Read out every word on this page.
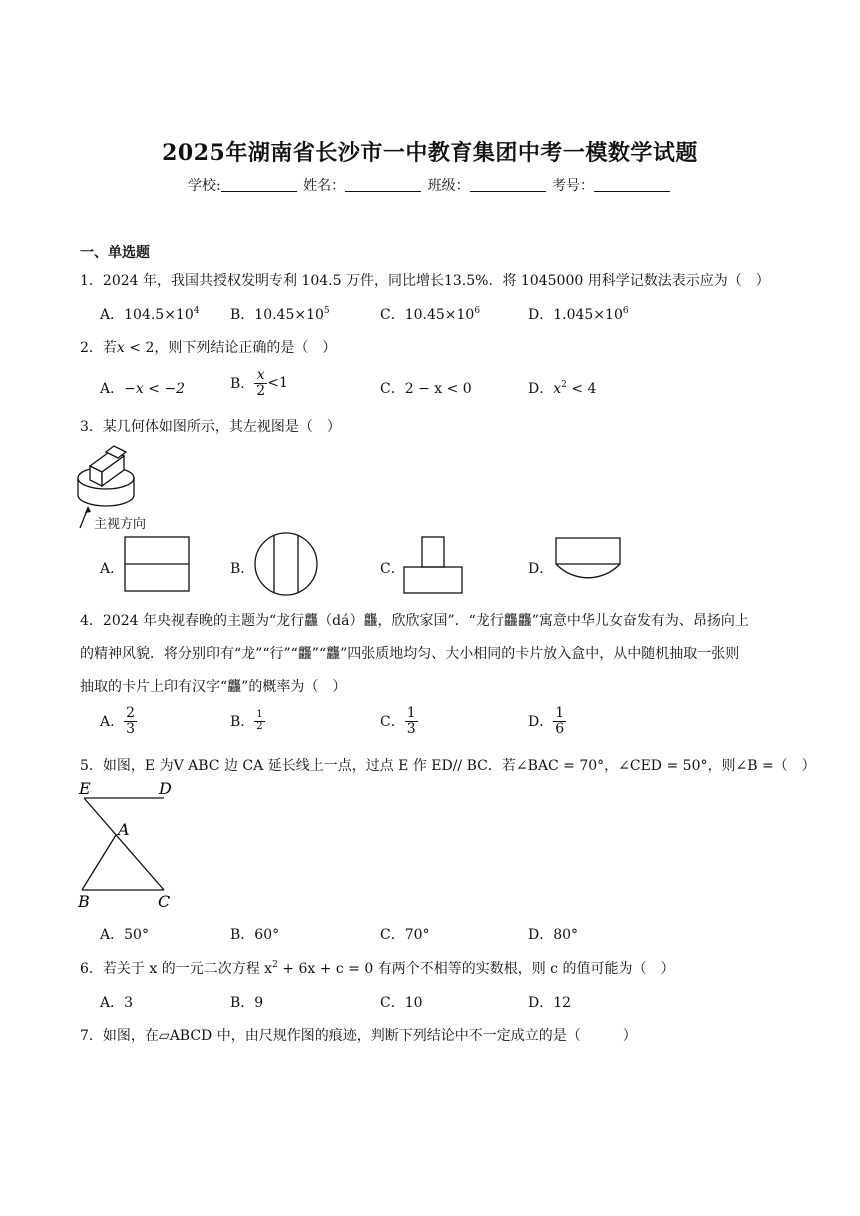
2025年湖南省长沙市一中教育集团中考一模数学试题
学校:	姓名：	班级：	考号：
一、单选题
1．2024 年，我国共授权发明专利 104.5 万件，同比增长13.5%．将 1045000 用科学记数法表示应为（　）
A．$104.5\times 10^4$ B．$10.45\times 10^5$	C．$10.45\times 10^6$	D．$1.045\times 10^6$
2．若x < 2，则下列结论正确的是（　）
A．−x < −2	B． $\frac{x}{2} <1$	C．2 − x < 0	D．$x^2 < 4$
3．某几何体如图所示，其左视图是（　）
主视方向
A．	B．	C．	D．
4．2024 年央视春晚的主题为“龙行龘（dá）龘，欣欣家国”．“龙行龘龘”寓意中华儿女奋发有为、昂扬向上
的精神风貌．将分别印有“龙”“行”“龘”“龘”四张质地均匀、大小相同的卡片放入盒中，从中随机抽取一张则
抽取的卡片上印有汉字“龘”的概率为（　）
A． $\frac{2}{3}$	B． $\frac{1}{2}$	C． $\frac{1}{3}$	D． $\frac{1}{6}$
5．如图，E 为V ABC 边 CA 延长线上一点，过点 E 作 ED// BC．若∠BAC = 70°，∠CED = 50°，则∠B =（　）
E	D
A
B	C
A．50°	B．60°	C．70°	D．80°
6．若关于 x 的一元二次方程 $x^2 + 6x + c = 0$ 有两个不相等的实数根，则 c 的值可能为（　）
A．3	B．9	C．10	D．12
7．如图，在▱ABCD 中，由尺规作图的痕迹，判断下列结论中不一定成立的是（　　　）
